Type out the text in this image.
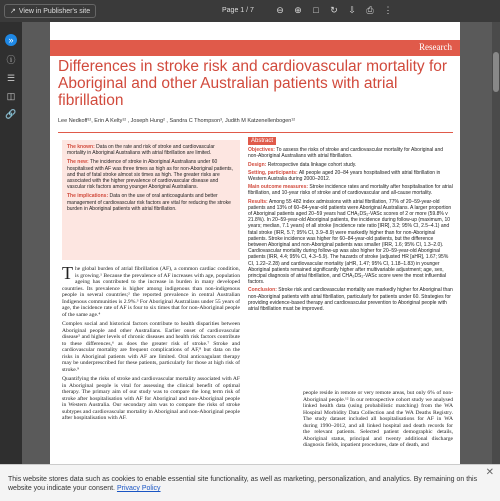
↗ View in Publisher's site	Page 1 / 7 ⊖ ⊕ □ ↻ ⇩ ⎙ ⋮
»
ⓘ
☰
◫
🔗
Research
Differences in stroke risk and cardiovascular mortality for Aboriginal and other Australian patients with atrial fibrillation
Lee Nedkoff¹², Erin A Kelty¹² , Joseph Hung² , Sandra C Thompson³, Judith M Katzenellenbogen¹²

The known: Data on the rate and risk of stroke and cardiovascular mortality in Aboriginal Australians with atrial fibrillation are limited.

The new: The incidence of stroke in Aboriginal Australians under 60 hospitalised with AF was three times as high as for non-Aboriginal patients, and that of fatal stroke almost six times as high. The greater risks are associated with the higher prevalence of cardiovascular disease and vascular risk factors among younger Aboriginal Australians.

The implications: Data on the use of oral anticoagulants and better management of cardiovascular risk factors are vital for reducing the stroke burden in Aboriginal patients with atrial fibrillation.

Abstract

Objectives: To assess the risks of stroke and cardiovascular mortality for Aboriginal and non-Aboriginal Australians with atrial fibrillation.

Design: Retrospective data linkage cohort study.

Setting, participants: All people aged 20–84 years hospitalised with atrial fibrillation in Western Australia during 2000–2012.

Main outcome measures: Stroke incidence rates and mortality after hospitalisation for atrial fibrillation, and 10-year risks of stroke and of cardiovascular and all-cause mortality.

Results: Among 55 482 index admissions with atrial fibrillation, 77% of 20–59-year-old patients and 13% of 60–84-year-old patients were Aboriginal Australians. A larger proportion of Aboriginal patients aged 20–59 years had CHA₂DS₂-VASc scores of 2 or more (59.8% v 21.8%). In 20–59-year-old Aboriginal patients, the incidence during follow-up (maximum, 10 years; median, 7.1 years) of all stroke (incidence rate ratio [IRR], 3.2; 95% CI, 2.5–4.1) and fatal stroke (IRR, 5.7; 95% CI, 3.9–8.9) were markedly higher than for non-Aboriginal patients. Stroke incidence was higher for 60–84-year-old patients, but the difference between Aboriginal and non-Aboriginal patients was smaller (IRR, 1.6; 95% CI, 1.3–2.0). Cardiovascular mortality during follow-up was also higher for 20–59-year-old Aboriginal patients (IRR, 4.4; 95% CI, 4.3–5.9). The hazards of stroke (adjusted HR [aHR], 1.67; 95% CI, 1.22–2.28) and cardiovascular mortality (aHR, 1.47; 95% CI, 1.18–1.83) in younger Aboriginal patients remained significantly higher after multivariable adjustment; age, sex, principal diagnosis of atrial fibrillation, and CHA₂DS₂-VASc score were the most influential factors.

Conclusion: Stroke risk and cardiovascular mortality are markedly higher for Aboriginal than non-Aboriginal patients with atrial fibrillation, particularly for patients under 60. Strategies for providing evidence-based therapy and cardiovascular prevention to Aboriginal people with atrial fibrillation must be improved.

The global burden of atrial fibrillation (AF), a common cardiac condition, is growing.¹ Because the prevalence of AF increases with age, population ageing has contributed to the increase in burden in many developed countries. Its prevalence is higher among indigenous than non-indigenous people in several countries;² the reported prevalence in central Australian Indigenous communities is 2.9%.³ For Aboriginal Australians under 55 years of age, the incidence rate of AF is four to six times that for non-Aboriginal people of the same age.⁴

Complex social and historical factors contribute to health disparities between Aboriginal people and other Australians. Earlier onset of cardiovascular disease⁵ and higher levels of chronic diseases and health risk factors contribute to these differences,⁶ as does the greater risk of stroke.⁷ Stroke and cardiovascular mortality are frequent complications of AF,⁸ but data on the risks in Aboriginal patients with AF are limited. Oral anticoagulant therapy may be underprescribed for these patients, particularly for those at high risk of stroke.⁹

Quantifying the risks of stroke and cardiovascular mortality associated with AF in Aboriginal people is vital for assessing the clinical benefit of optimal therapy. The primary aim of our study was to compare the long term risk of stroke after hospitalisation with AF for Aboriginal and non-Aboriginal people in Western Australia. Our secondary aim was to compare the risks of stroke subtypes and cardiovascular mortality in Aboriginal and non-Aboriginal people after hospitalisation with AF.

people reside in remote or very remote areas, but only 6% of non-Aboriginal people.¹² In our retrospective cohort study we analysed linked health data (using probabilistic matching) from the WA Hospital Morbidity Data Collection and the WA Deaths Registry. The study dataset included all hospitalisations for AF in WA during 1990–2012, and all linked hospital and death records for the relevant patients. Selected patient demographic details, Aboriginal status, principal and twenty additional discharge diagnosis fields, inpatient procedures, date of death, and
✕
This website stores data such as cookies to enable essential site functionality, as well as marketing, personalization, and analytics. By remaining on this website you indicate your consent. Privacy Policy
